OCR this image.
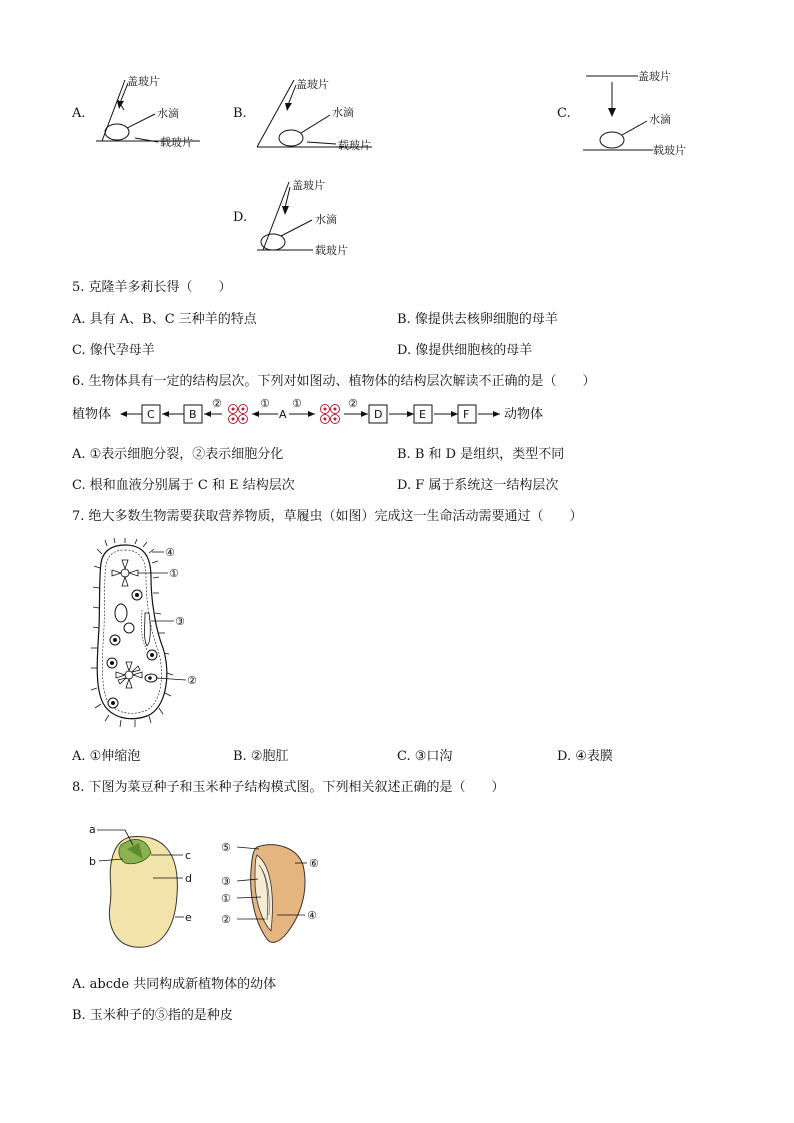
A.
盖玻片
水滴
载玻片
B.
盖玻片
水滴
载玻片
C.
盖玻片
水滴
载玻片
D.
盖玻片
水滴
载玻片
5. 克隆羊多莉长得（　　）
A. 具有 A、B、C 三种羊的特点	B. 像提供去核卵细胞的母羊
C. 像代孕母羊	D. 像提供细胞核的母羊
6. 生物体具有一定的结构层次。下列对如图动、植物体的结构层次解读不正确的是（　　）
植物体	C	B
②	①
A
①	②
D	E	F	动物体
A. ①表示细胞分裂，②表示细胞分化	B. B 和 D 是组织，类型不同
C. 根和血液分别属于 C 和 E 结构层次	D. F 属于系统这一结构层次
7. 绝大多数生物需要获取营养物质，草履虫（如图）完成这一生命活动需要通过（　　）
④
①
③
②
A. ①伸缩泡	B. ②胞肛	C. ③口沟	D. ④表膜
8. 下图为菜豆种子和玉米种子结构模式图。下列相关叙述正确的是（　　）
a
b	c
d
e
⑤
③
①
②	④
⑥
A. abcde 共同构成新植物体的幼体
B. 玉米种子的⑤指的是种皮
